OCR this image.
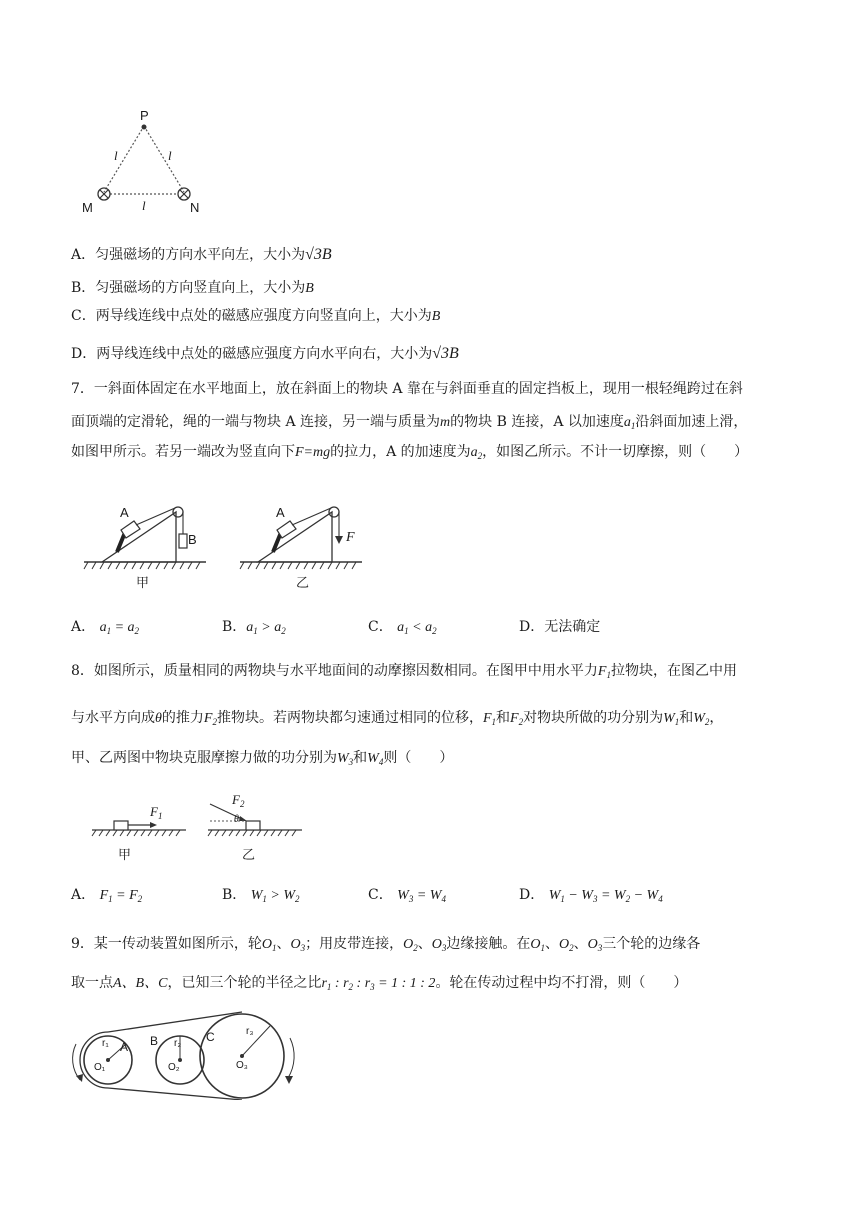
P
M	N
l	l
l
A．匀强磁场的方向水平向左，大小为√3B
B．匀强磁场的方向竖直向上，大小为B
C．两导线连线中点处的磁感应强度方向竖直向上，大小为B
D．两导线连线中点处的磁感应强度方向水平向右，大小为√3B
7．一斜面体固定在水平地面上，放在斜面上的物块 A 靠在与斜面垂直的固定挡板上，现用一根轻绳跨过在斜
面顶端的定滑轮，绳的一端与物块 A 连接，另一端与质量为m的物块 B 连接，A 以加速度$a_1$沿斜面加速上滑，
如图甲所示。若另一端改为竖直向下F=mg的拉力，A 的加速度为$a_2$，如图乙所示。不计一切摩擦，则（　　）
A
B
甲
A
F
乙
A． $a_1 = a_2$	B．$a_1 > a_2$	C． $a_1 < a_2$	D．无法确定
8．如图所示，质量相同的两物块与水平地面间的动摩擦因数相同。在图甲中用水平力$F_1$拉物块，在图乙中用
与水平方向成θ的推力$F_2$推物块。若两物块都匀速通过相同的位移，$F_1$和$F_2$对物块所做的功分别为$W_1$和$W_2$，
甲、乙两图中物块克服摩擦力做的功分别为$W_3$和$W_4$则（　　）
$F_1$
$F_2$
θ
甲	乙
A． $F_1 = F_2$	B． $W_1 > W_2$	C． $W_3 = W_4$	D． $W_1 - W_3 = W_2 - W_4$
9．某一传动装置如图所示，轮$O_1$、$O_3$；用皮带连接，$O_2$、$O_3$边缘接触。在$O_1$、$O_2$、$O_3$三个轮的边缘各
取一点A、B、C，已知三个轮的半径之比$r_1$ : $r_2$ : $r_3 = 1$ : 1 : 2。轮在传动过程中均不打滑，则（　　）
A B	C
r₁	r₂
r₃
O₁	O₂	O₃
